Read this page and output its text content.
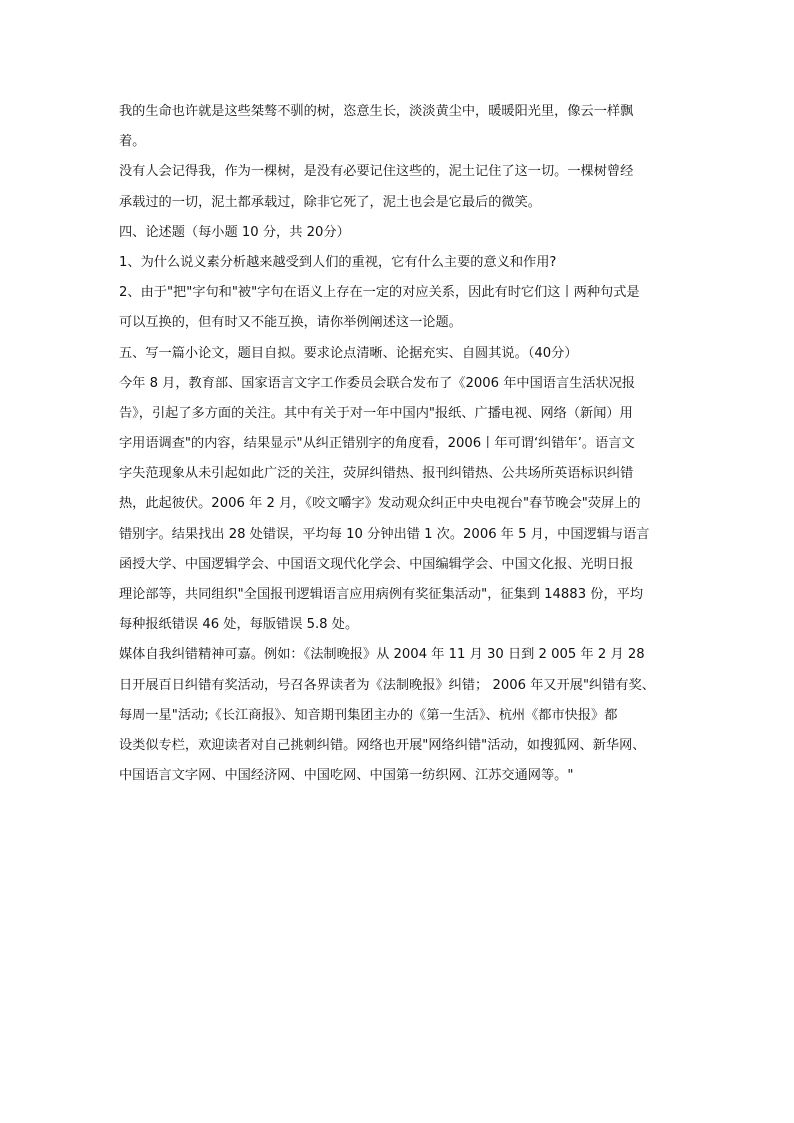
我的生命也许就是这些桀骜不驯的树，恣意生长，淡淡黄尘中，暖暖阳光里，像云一样飘
着。
没有人会记得我，作为一棵树，是没有必要记住这些的，泥土记住了这一切。一棵树曾经
承载过的一切，泥土都承载过，除非它死了，泥土也会是它最后的微笑。
四、论述题（每小题 10 分，共 20分）
1、为什么说义素分析越来越受到人们的重视，它有什么主要的意义和作用?
2、由于"把"字句和"被"字句在语义上存在一定的对应关系，因此有时它们这丨两种句式是
可以互换的，但有时又不能互换，请你举例阐述这一论题。
五、写一篇小论文，题目自拟。要求论点清晰、论据充实、自圆其说。（40分）
今年 8 月，教育部、国家语言文字工作委员会联合发布了《2006 年中国语言生活状况报
告》，引起了多方面的关注。其中有关于对一年中国内"报纸、广播电视、网络（新闻）用
字用语调查"的内容，结果显示"从纠正错别字的角度看，2006丨年可谓‘纠错年’。语言文
字失范现象从未引起如此广泛的关注，荧屏纠错热、报刊纠错热、公共场所英语标识纠错
热，此起彼伏。2006 年 2 月，《咬文嚼字》发动观众纠正中央电视台"春节晚会"荧屏上的
错别字。结果找出 28 处错误，平均每 10 分钟出错 1 次。2006 年 5 月，中国逻辑与语言
函授大学、中国逻辑学会、中国语文现代化学会、中国编辑学会、中国文化报、光明日报
理论部等，共同组织"全国报刊逻辑语言应用病例有奖征集活动"，征集到 14883 份，平均
每种报纸错误 46 处，每版错误 5.8 处。
媒体自我纠错精神可嘉。例如：《法制晚报》从 2004 年 11 月 30 日到 2 005 年 2 月 28
日开展百日纠错有奖活动，号召各界读者为《法制晚报》纠错； 2006 年又开展"纠错有奖、
每周一星"活动;《长江商报》、知音期刊集团主办的《第一生活》、杭州《都市快报》都
设类似专栏，欢迎读者对自己挑刺纠错。网络也开展"网络纠错"活动，如搜狐网、新华网、
中国语言文字网、中国经济网、中国吃网、中国第一纺织网、江苏交通网等。"
